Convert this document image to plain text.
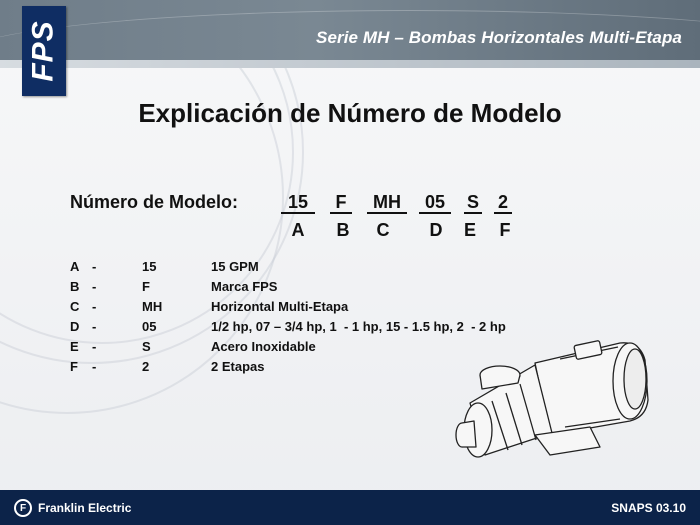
Serie MH – Bombas Horizontales Multi-Etapa
FPS
Explicación de Número de Modelo
Número de Modelo:	15	F	MH	05	S 2
A	B	C	D	E F
A -	15	15 GPM
B -	F	Marca FPS
C -	MH	Horizontal Multi-Etapa
D -	05	1/2 hp, 07 – 3/4 hp, 1  - 1 hp, 15 - 1.5 hp, 2  - 2 hp
E -	S	Acero Inoxidable
F -	2	2 Etapas
F Franklin Electric	SNAPS 03.10
